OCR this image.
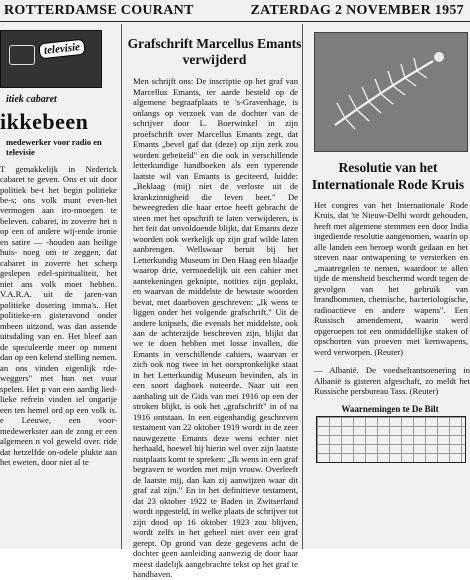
ROTTERDAMSE COURANT	ZATERDAG 2 NOVEMBER 1957
televisie
itiek cabaret
ikkebeen
medewerker voor radio en televisie

T gemakkelijk in Nederick cabaret te geven. Ons et uit door politiek be-t het begin politieke be-s; ons volk munt even-het vermogen aan iro-nnoegen te beleven. cabaret, in zoverre het n op een of andere wij-ende ironie en satire — -houden aan heilige huis- noeg om te zeggen, dat cabaret in zoverre het scherp geslepen edel-spiritualiteit, het niet ans volk moet hebben. V.A.R.A. uit de jaren-van politieke dosering imma's. Het politieke-en gisteravond onder mbeen uitzond, was dan assende uitsdaling van en. Het bleef aan de speculeerde meer op mment dan op een kelend stelling nemen. an ons vinden eigenlijk rde-weggers" met hun net vuur spelen. Het p van een aardig lied-lieke refrein vinden iel ongarije een ten hemel ord op een volk is. e Leeuwe, een voor-medewerkster aan de zong er een algemeen n vol geweld over. ride dat hetzelfde on-odele plukte aan het eweten, door niet al te

Grafschrift Marcellus Emants verwijderd

Men schrijft ons: De inscriptie op het graf van Marcellus Emants, ter aarde besteld op de algemene begraafplaats te 's-Gravenhage, is onlangs op verzoek van de dochter van de schrijver door L. Boerwinkel in zijn proefschrift over Marcellus Emants zegt, dat Emants „bevel gaf dat (deze) op zijn zerk zou worden gebeiteld" en die ook in verschillende letterkundige handboeken als een typerende laatste wil van Emants is geciteerd, luidde: „Beklaag (mij) niet de verloste uit de krankzinnigheid die leven heet." De beweegreden die haar ertoe heeft gebracht de steen met het opschrift te laten verwijderen, is het feit dat onvoldoende blijkt, dat Emants deze woorden ook werkelijk op zijn graf wilde laten aanbrengen. Wellswaar beruit bij het Letterkundig Museum in Den Haag een blaadje waarop drie, vermoedelijk uit een cahier met aantekeningen geknipte, notities zijn geplakt, en waarvan de middelste de bewuste woorden bevat, met daarboven geschreven: „Ik wens te liggen onder het volgende grafschrift." Uit de andere knipsels, die evenals het middelste, ook aan de achterzijde beschreven zijn, blijkt dat we te doen hebben met losse invallen, die Emants in verschillende cahiers, waarvan er zich ook nog twee in het oorspronkelijke staat in het Letterkundig Museum bevinden, als in een soort dagboek noteerde. Naar uit een aanhaling uit de Gids van mei 1916 op een der stroken blijkt, is ook het „grafschrift" in of na 1916 ontstaan. In een eigenhandig geschreven testament van 22 oktober 1919 wordt in de zeer nauwgezette Emants deze wens echter niet herhaald, hoewel hij hierin wel over zijn laatste rustplaats komt te spreken: „Ik wens in een graf begraven te worden met mijn vrouw. Overleeft de laatste mij, dan kan zij aanwijzen waar dit graf zal zijn." En in het definitieve testament, dat 23 oktober 1922 te Baden in Zwitserland wordt opgesteld, in welke plaats de schrijver tot zijn dood op 16 oktober 1923 zou blijven, wordt zelfs in het geheel niet over een graf gerept. Op grond van deze gegevens acht de dochter geen aanleiding aanwezig de door haar meest dadelijk aangebrachte tekst op het graf te handhaven.

Resolutie van het Internationale Rode Kruis

Het congres van het Internationale Rode Kruis, dat 'te Nieuw-Delhi wordt gehouden, heeft met algemene stemmen een door India ingediende resolutie aangenomen, waarin op alle landen een beroep wordt gedaan en het streven naar ontwapening te versterken en „maatregelen te nemen, waardoor te allen tijde de mensheid beschermd wordt tegen de gevolgen van het gebruik van brandbommen, chemische, bacteriologische, radioactieve en andere wapens". Een Russisch amendement, waarin werd opgeroepen tot een onmiddellijke staken of opschorten van proeven met kernwapens, werd verworpen. (Reuter)

— Albanië. De voedselrantsoenering in Albanië is gisteren afgeschaft, zo meldt het Russische persbureau Tass. (Reuter)

Waarnemingen te De Bilt
